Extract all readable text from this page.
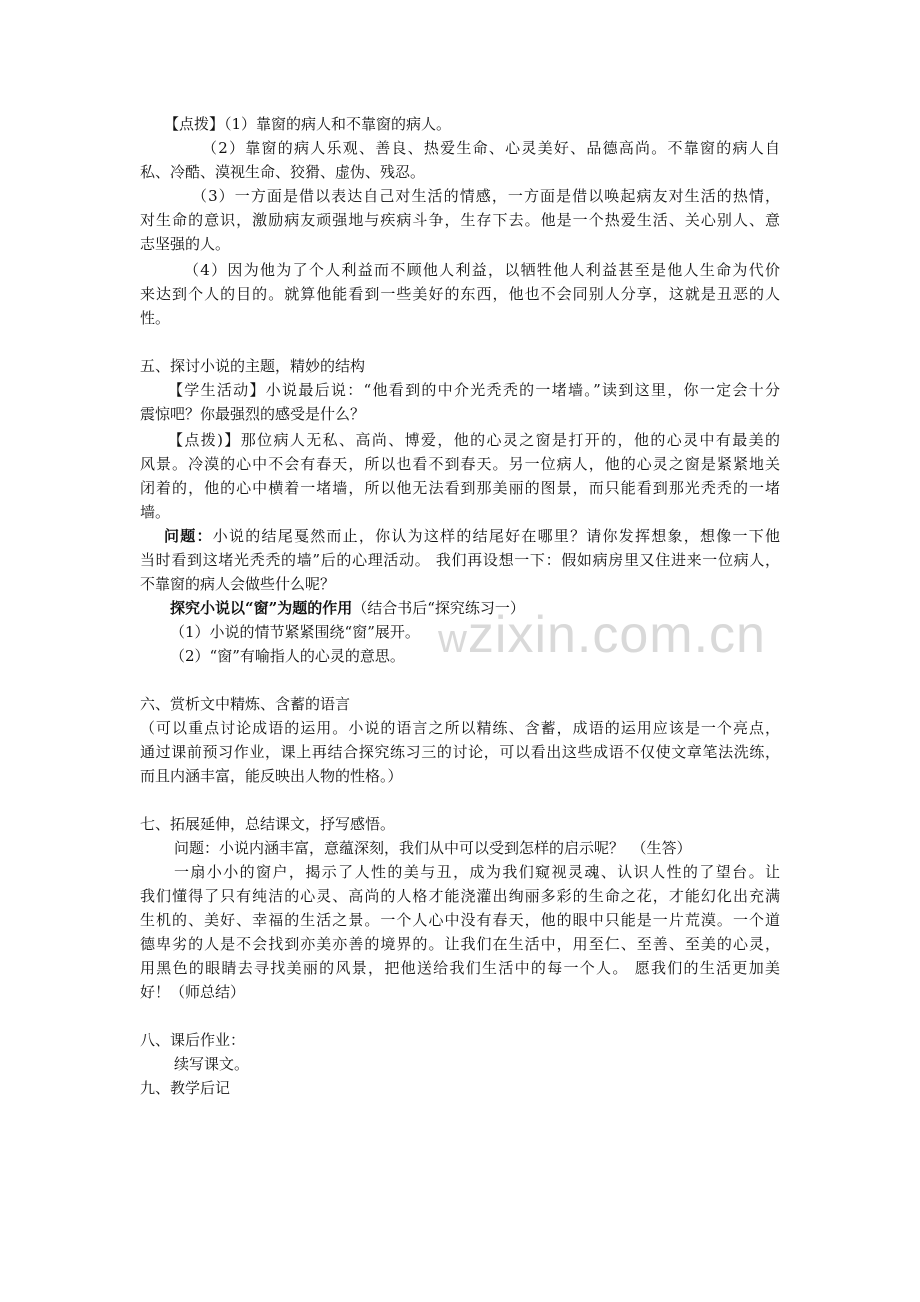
wzixin.com.cn
【点拨】（1）靠窗的病人和不靠窗的病人。
（2）靠窗的病人乐观、善良、热爱生命、心灵美好、品德高尚。不靠窗的病人自
私、冷酷、漠视生命、狡猾、虚伪、残忍。
（3）一方面是借以表达自己对生活的情感，一方面是借以唤起病友对生活的热情，
对生命的意识，激励病友顽强地与疾病斗争，生存下去。他是一个热爱生活、关心别人、意
志坚强的人。
（4）因为他为了个人利益而不顾他人利益，以牺牲他人利益甚至是他人生命为代价
来达到个人的目的。就算他能看到一些美好的东西，他也不会同别人分享，这就是丑恶的人
性。
五、探讨小说的主题，精妙的结构
【学生活动】小说最后说：“他看到的中介光秃秃的一堵墙。”读到这里，你一定会十分
震惊吧？你最强烈的感受是什么？
【点拨)】那位病人无私、高尚、博爱，他的心灵之窗是打开的，他的心灵中有最美的
风景。冷漠的心中不会有春天，所以也看不到春天。另一位病人，他的心灵之窗是紧紧地关
闭着的，他的心中横着一堵墙，所以他无法看到那美丽的图景，而只能看到那光秃秃的一堵
墙。
问题：小说的结尾戛然而止，你认为这样的结尾好在哪里？请你发挥想象，想像一下他
当时看到这堵光秃秃的墙”后的心理活动。 我们再设想一下：假如病房里又住进来一位病人，
不靠窗的病人会做些什么呢？
探究小说以“窗”为题的作用（结合书后“探究练习一）
（1）小说的情节紧紧围绕“窗”展开。
（2）“窗”有喻指人的心灵的意思。
六、赏析文中精炼、含蓄的语言
（可以重点讨论成语的运用。小说的语言之所以精练、含蓄，成语的运用应该是一个亮点，
通过课前预习作业，课上再结合探究练习三的讨论，可以看出这些成语不仅使文章笔法洗练，
而且内涵丰富，能反映出人物的性格。）
七、拓展延伸，总结课文，抒写感悟。
问题：小说内涵丰富，意蕴深刻，我们从中可以受到怎样的启示呢？　（生答）
一扇小小的窗户，揭示了人性的美与丑，成为我们窥视灵魂、认识人性的了望台。让
我们懂得了只有纯洁的心灵、高尚的人格才能浇灌出绚丽多彩的生命之花，才能幻化出充满
生机的、美好、幸福的生活之景。一个人心中没有春天，他的眼中只能是一片荒漠。一个道
德卑劣的人是不会找到亦美亦善的境界的。让我们在生活中，用至仁、至善、至美的心灵，
用黑色的眼睛去寻找美丽的风景，把他送给我们生活中的每一个人。 愿我们的生活更加美
好！（师总结）
八、课后作业：
续写课文。
九、教学后记
